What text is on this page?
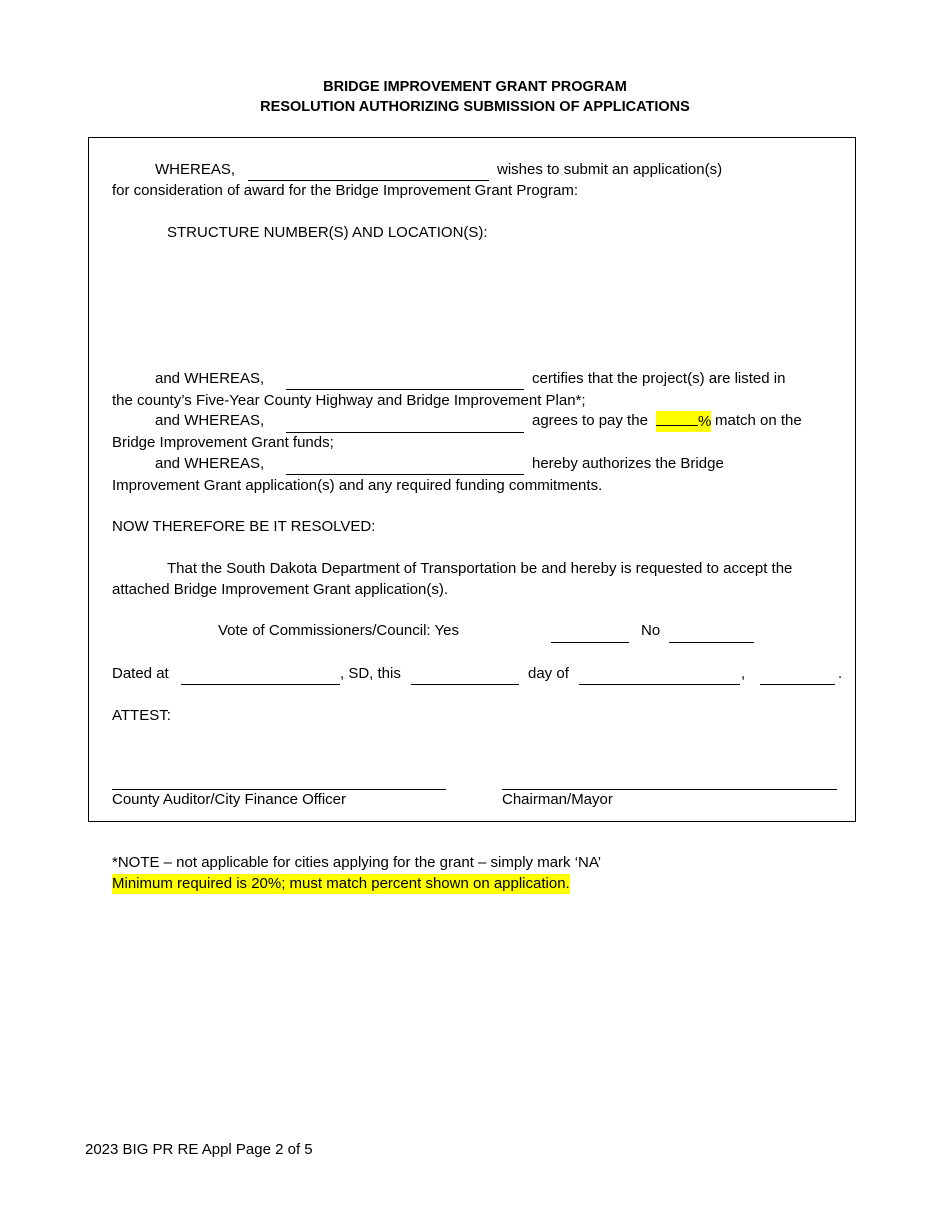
BRIDGE IMPROVEMENT GRANT PROGRAM
RESOLUTION AUTHORIZING SUBMISSION OF APPLICATIONS
WHEREAS,	wishes to submit an application(s)
for consideration of award for the Bridge Improvement Grant Program:
STRUCTURE NUMBER(S) AND LOCATION(S):
and WHEREAS,	certifies that the project(s) are listed in
the county’s Five-Year County Highway and Bridge Improvement Plan*;
and WHEREAS,	agrees to pay the	% match on the
Bridge Improvement Grant funds;
and WHEREAS,	hereby authorizes the Bridge
Improvement Grant application(s) and any required funding commitments.
NOW THEREFORE BE IT RESOLVED:
That the South Dakota Department of Transportation be and hereby is requested to accept the
attached Bridge Improvement Grant application(s).
Vote of Commissioners/Council: Yes	No
Dated at	, SD, this	day of	,	.
ATTEST:
County Auditor/City Finance Officer	Chairman/Mayor
*NOTE – not applicable for cities applying for the grant – simply mark ‘NA’
Minimum required is 20%; must match percent shown on application.
2023 BIG PR RE Appl Page 2 of 5
